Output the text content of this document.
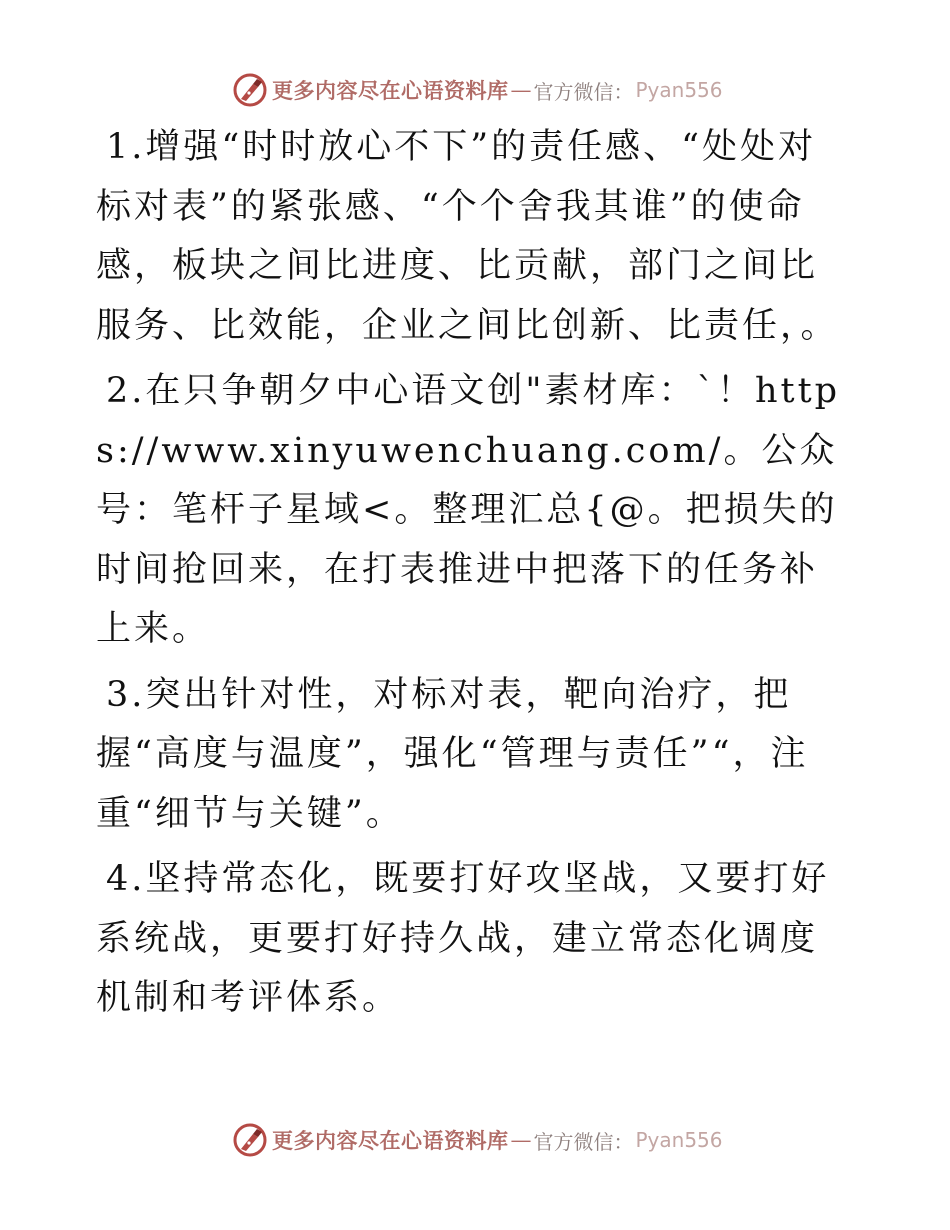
更多内容尽在心语资料库 — 官方微信： Pyan556

1.增强“时时放心不下”的责任感、“处处对标对表”的紧张感、“个个舍我其谁”的使命感，板块之间比进度、比贡献，部门之间比服务、比效能，企业之间比创新、比责任，。

2.在只争朝夕中心语文创"素材库：`！https://www.xinyuwenchuang.com/。公众号：笔杆子星域<。整理汇总{@。把损失的时间抢回来，在打表推进中把落下的任务补上来。

3.突出针对性，对标对表，靶向治疗，把握“高度与温度”，强化“管理与责任”“，注重“细节与关键”。

4.坚持常态化，既要打好攻坚战，又要打好系统战，更要打好持久战，建立常态化调度机制和考评体系。

更多内容尽在心语资料库 — 官方微信： Pyan556
